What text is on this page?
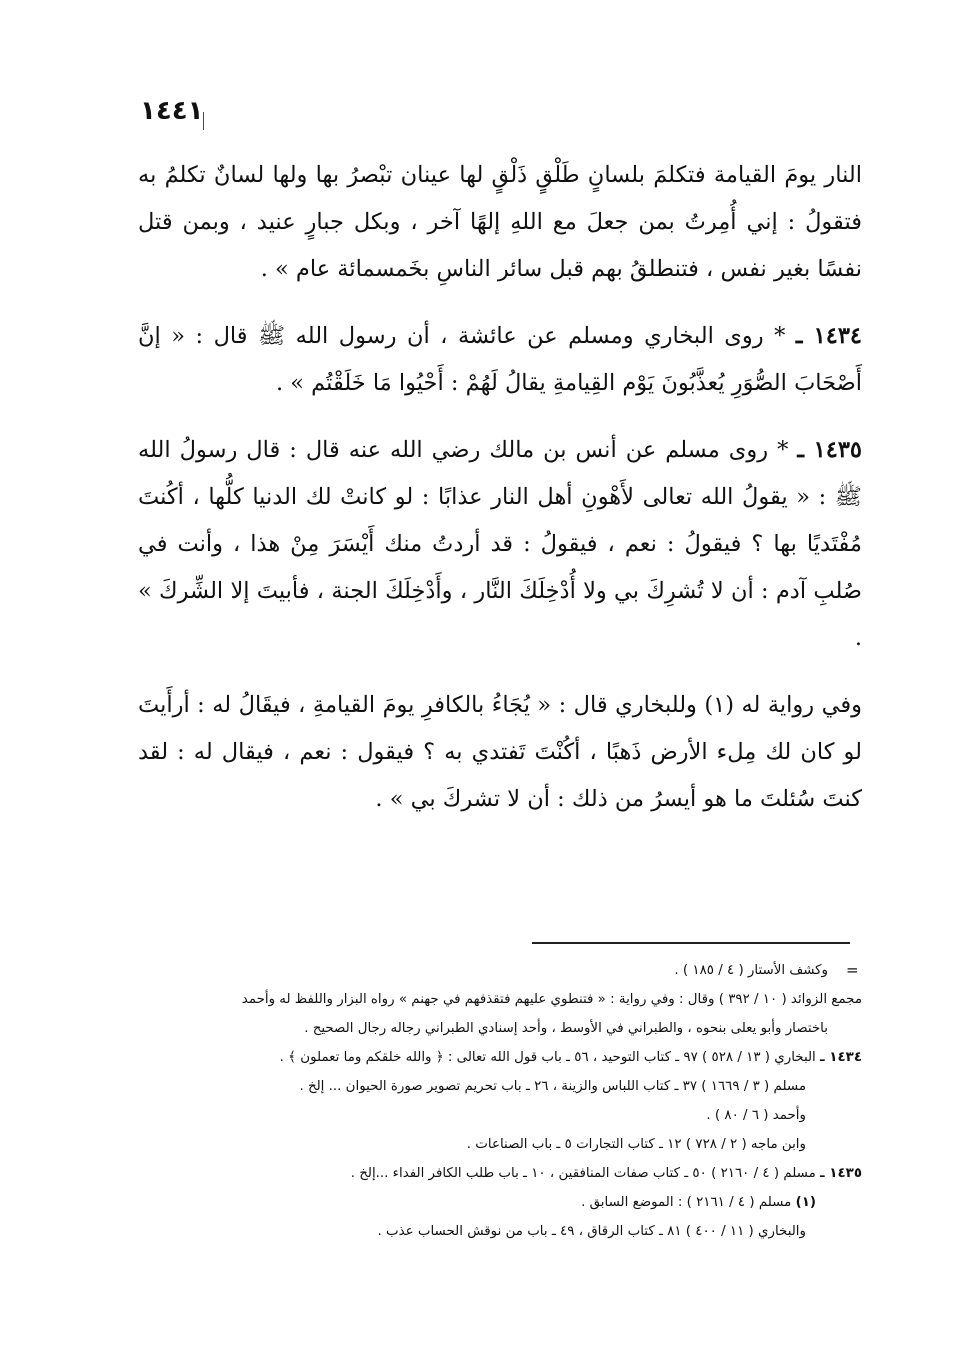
١٤٤١

النار يومَ القيامة فتكلمَ بلسانٍ طَلْقٍ ذَلْقٍ لها عينان تبْصرُ بها ولها لسانٌ تكلمُ به فتقولُ : إني أُمِرتُ بمن جعلَ مع اللهِ إلهًا آخر ، وبكل جبارٍ عنيد ، وبمن قتل نفسًا بغير نفس ، فتنطلقُ بهم قبل سائر الناسِ بخَمسمائة عام » .

١٤٣٤ ـ * روى البخاري ومسلم عن عائشة ، أن رسول الله ﷺ قال : « إنَّ أَصْحَابَ الصُّوَرِ يُعذَّبُونَ يَوْم القِيامةِ يقالُ لَهُمْ : أَحْيُوا مَا خَلَقْتُم » .

١٤٣٥ ـ * روى مسلم عن أنس بن مالك رضي الله عنه قال : قال رسولُ الله ﷺ : « يقولُ الله تعالى لأَهْونِ أهل النار عذابًا : لو كانتْ لك الدنيا كلُّها ، أكُنتَ مُفْتَديًا بها ؟ فيقولُ : نعم ، فيقولُ : قد أردتُ منك أَيْسَرَ مِنْ هذا ، وأنت في صُلبِ آدم : أن لا تُشرِكَ بي ولا أُدْخِلَكَ النَّار ، وأَدْخِلَكَ الجنة ، فأبيتَ إلا الشِّركَ » .

وفي رواية له (١) وللبخاري قال : « يُجَاءُ بالكافرِ يومَ القيامةِ ، فيقَالُ له : أرأَيتَ لو كان لك مِلء الأرض ذَهبًا ، أكُنْتَ تَفتدي به ؟ فيقول : نعم ، فيقال له : لقد كنتَ سُئلتَ ما هو أيسرُ من ذلك : أن لا تشركَ بي » .

=
وكشف الأستار ( ٤ / ١٨٥ ) .
مجمع الزوائد ( ١٠ / ٣٩٢ ) وقال : وفي رواية : « فتنطوي عليهم فتقذفهم في جهنم » رواه البزار واللفظ له وأحمد
باختصار وأبو يعلى بنحوه ، والطبراني في الأوسط ، وأحد إسنادي الطبراني رجاله رجال الصحيح .
١٤٣٤ ـ البخاري ( ١٣ / ٥٢٨ ) ٩٧ ـ كتاب التوحيد ، ٥٦ ـ باب قول الله تعالى : ﴿ والله خلقكم وما تعملون ﴾ .
مسلم ( ٣ / ١٦٦٩ ) ٣٧ ـ كتاب اللباس والزينة ، ٢٦ ـ باب تحريم تصوير صورة الحيوان ... إلخ .
وأحمد ( ٦ / ٨٠ ) .
وابن ماجه ( ٢ / ٧٢٨ ) ١٢ ـ كتاب التجارات ٥ ـ باب الصناعات .
١٤٣٥ ـ مسلم ( ٤ / ٢١٦٠ ) ٥٠ ـ كتاب صفات المنافقين ، ١٠ ـ باب طلب الكافر الفداء ...إلخ .
(١) مسلم ( ٤ / ٢١٦١ ) : الموضع السابق .
والبخاري ( ١١ / ٤٠٠ ) ٨١ ـ كتاب الرقاق ، ٤٩ ـ باب من نوقش الحساب عذب .
